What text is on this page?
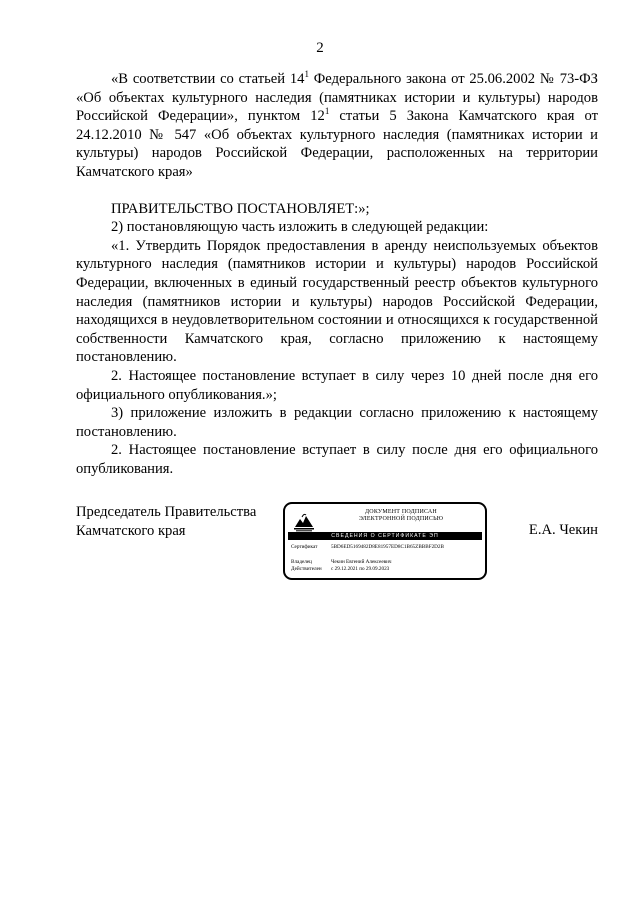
2

«В соответствии со статьей $14^1$ Федерального закона от 25.06.2002 № 73-ФЗ «Об объектах культурного наследия (памятниках истории и культуры) народов Российской Федерации», пунктом $12^1$ статьи 5 Закона Камчатского края от 24.12.2010 № 547 «Об объектах культурного наследия (памятниках истории и культуры) народов Российской Федерации, расположенных на территории Камчатского края»

ПРАВИТЕЛЬСТВО ПОСТАНОВЛЯЕТ:»;

2) постановляющую часть изложить в следующей редакции:

«1. Утвердить Порядок предоставления в аренду неиспользуемых объектов культурного наследия (памятников истории и культуры) народов Российской Федерации, включенных в единый государственный реестр объектов культурного наследия (памятников истории и культуры) народов Российской Федерации, находящихся в неудовлетворительном состоянии и относящихся к государственной собственности Камчатского края, согласно приложению к настоящему постановлению.

2. Настоящее постановление вступает в силу через 10 дней после дня его официального опубликования.»;

3) приложение изложить в редакции согласно приложению к настоящему постановлению.

2. Настоящее постановление вступает в силу после дня его официального опубликования.

Председатель Правительства
Камчатского края
ДОКУМЕНТ ПОДПИСАН
ЭЛЕКТРОННОЙ ПОДПИСЬЮ
СВЕДЕНИЯ О СЕРТИФИКАТЕ ЭП
Сертификат	5BD6ED5169482D8E81957ED8C1B65ZBBBF2D2B
Владелец	Чекин Евгений Алексеевич
Действителен	с 29.12.2021 по 29.09.2023
Е.А. Чекин
